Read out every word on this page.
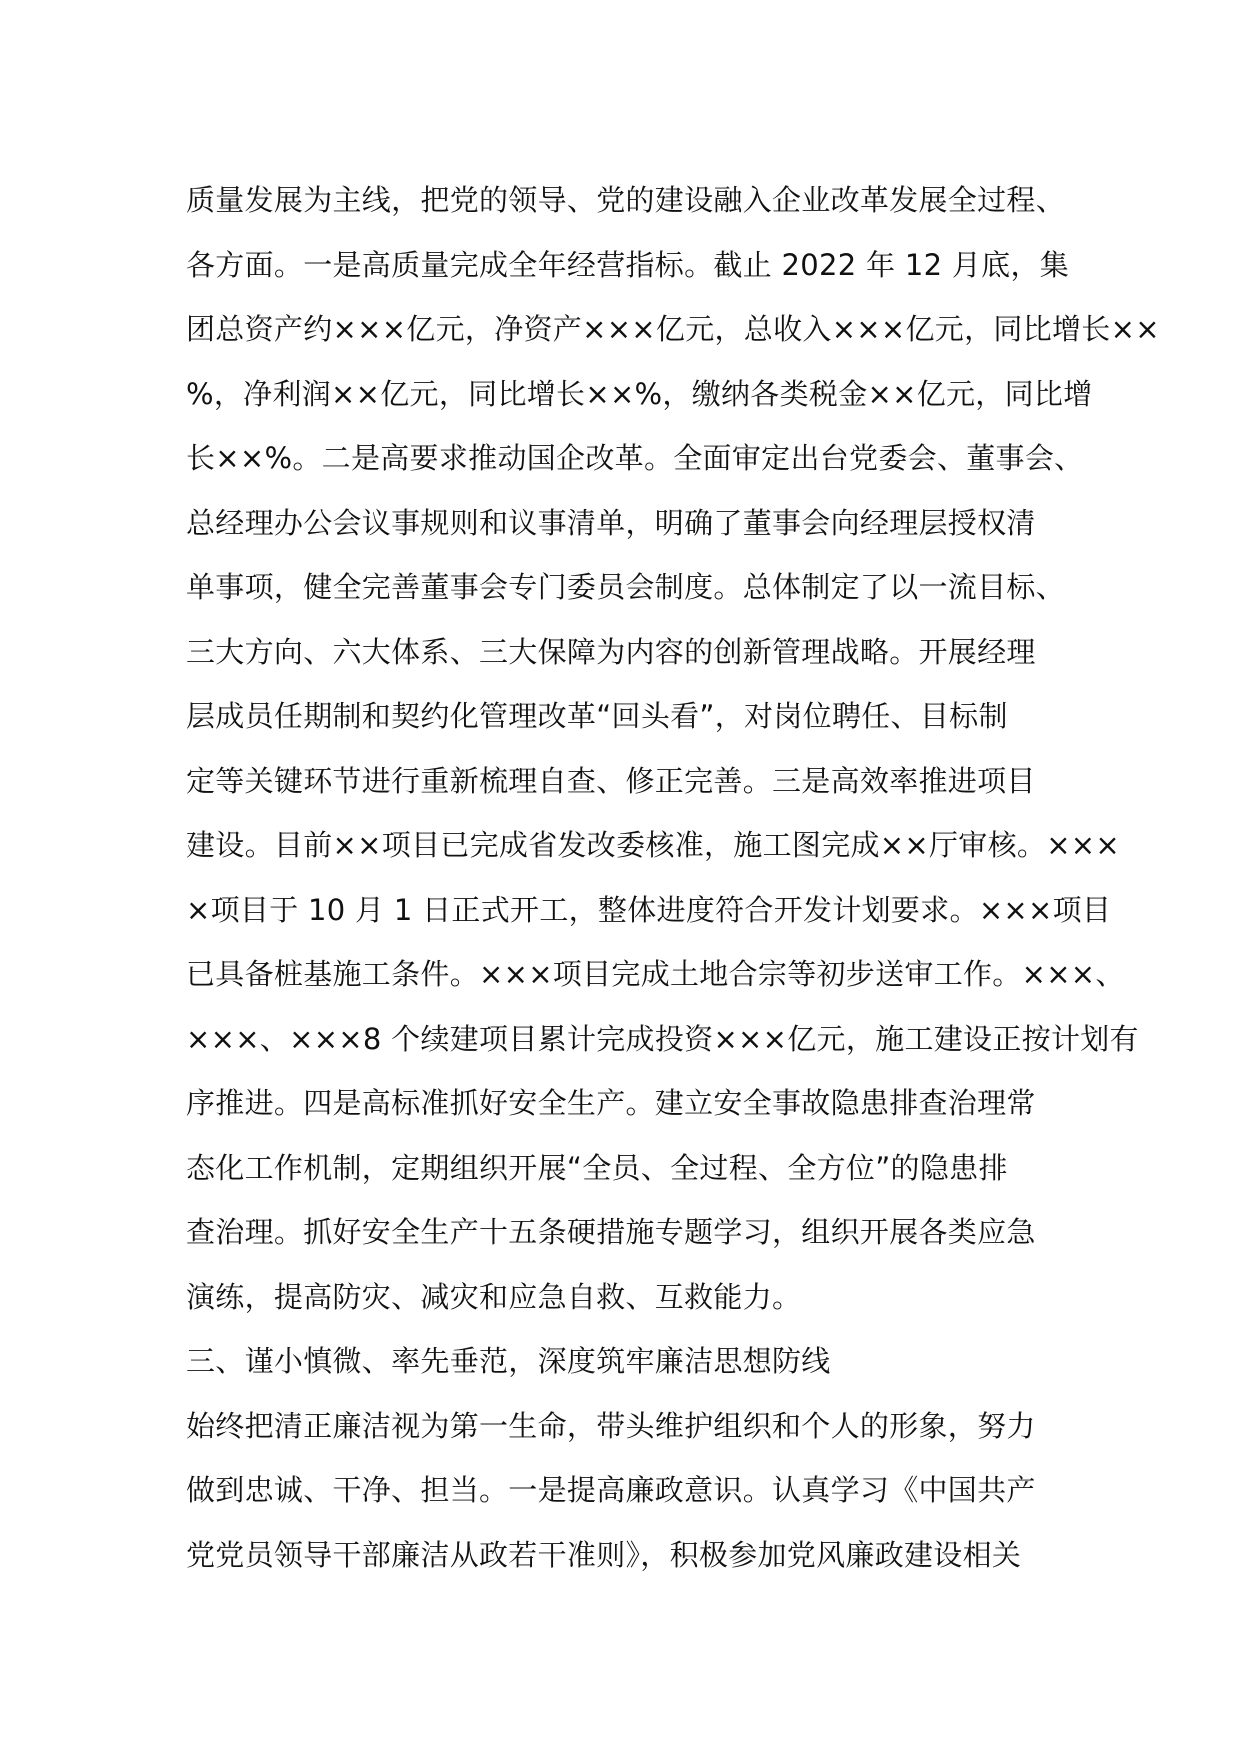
质量发展为主线，把党的领导、党的建设融入企业改革发展全过程、
各方面。一是高质量完成全年经营指标。截止 2022 年 12 月底，集
团总资产约×××亿元，净资产×××亿元，总收入×××亿元，同比增长××
%，净利润××亿元，同比增长××%，缴纳各类税金××亿元，同比增
长××%。二是高要求推动国企改革。全面审定出台党委会、董事会、
总经理办公会议事规则和议事清单，明确了董事会向经理层授权清
单事项，健全完善董事会专门委员会制度。总体制定了以一流目标、
三大方向、六大体系、三大保障为内容的创新管理战略。开展经理
层成员任期制和契约化管理改革“回头看”，对岗位聘任、目标制
定等关键环节进行重新梳理自查、修正完善。三是高效率推进项目
建设。目前××项目已完成省发改委核准，施工图完成××厅审核。×××
×项目于 10 月 1 日正式开工，整体进度符合开发计划要求。×××项目
已具备桩基施工条件。×××项目完成土地合宗等初步送审工作。×××、
×××、×××8 个续建项目累计完成投资×××亿元，施工建设正按计划有
序推进。四是高标准抓好安全生产。建立安全事故隐患排查治理常
态化工作机制，定期组织开展“全员、全过程、全方位”的隐患排
查治理。抓好安全生产十五条硬措施专题学习，组织开展各类应急
演练，提高防灾、减灾和应急自救、互救能力。
三、谨小慎微、率先垂范，深度筑牢廉洁思想防线
始终把清正廉洁视为第一生命，带头维护组织和个人的形象，努力
做到忠诚、干净、担当。一是提高廉政意识。认真学习《中国共产
党党员领导干部廉洁从政若干准则》，积极参加党风廉政建设相关
